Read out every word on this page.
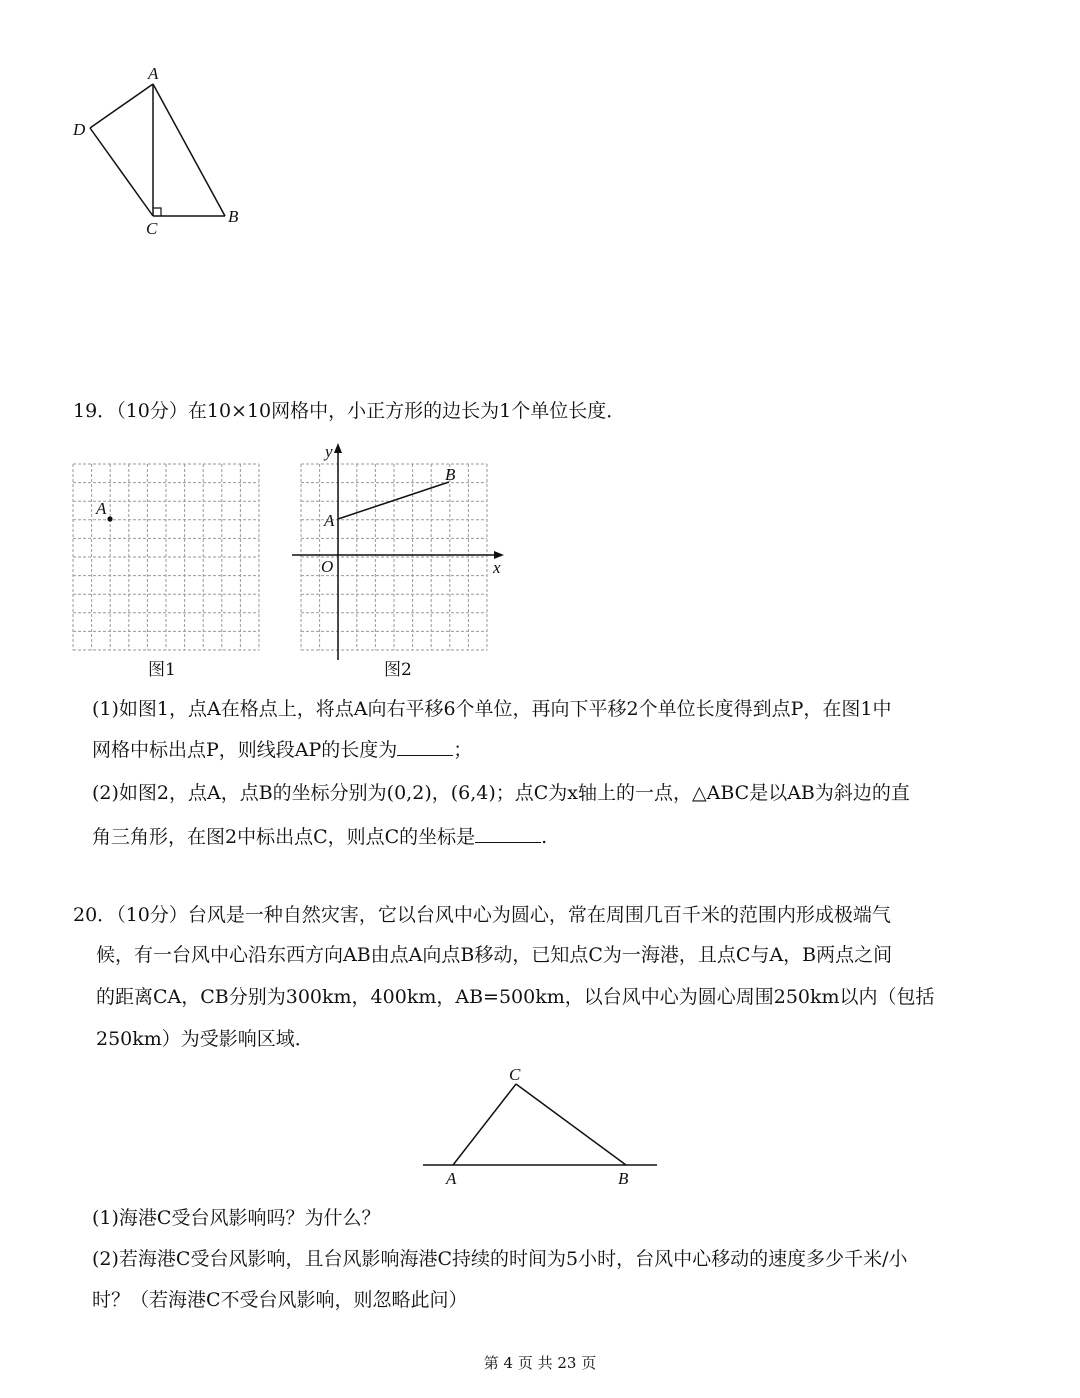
A
D
C
B
19．（10分）在10×10网格中，小正方形的边长为1个单位长度．
A
图1
y
x
O
A
B
图2
(1)如图1，点A在格点上，将点A向右平移6个单位，再向下平移2个单位长度得到点P，在图1中
网格中标出点P，则线段AP的长度为	；
(2)如图2，点A，点B的坐标分别为(0,2)，(6,4)；点C为x轴上的一点，△ABC是以AB为斜边的直
角三角形，在图2中标出点C，则点C的坐标是	.
20．（10分）台风是一种自然灾害，它以台风中心为圆心，常在周围几百千米的范围内形成极端气
候，有一台风中心沿东西方向AB由点A向点B移动，已知点C为一海港，且点C与A，B两点之间
的距离CA，CB分别为300km，400km，AB=500km，以台风中心为圆心周围250km以内（包括
250km）为受影响区域．
C
A	B
(1)海港C受台风影响吗？为什么？
(2)若海港C受台风影响，且台风影响海港C持续的时间为5小时，台风中心移动的速度多少千米/小
时？（若海港C不受台风影响，则忽略此问）
第 4 页 共 23 页
